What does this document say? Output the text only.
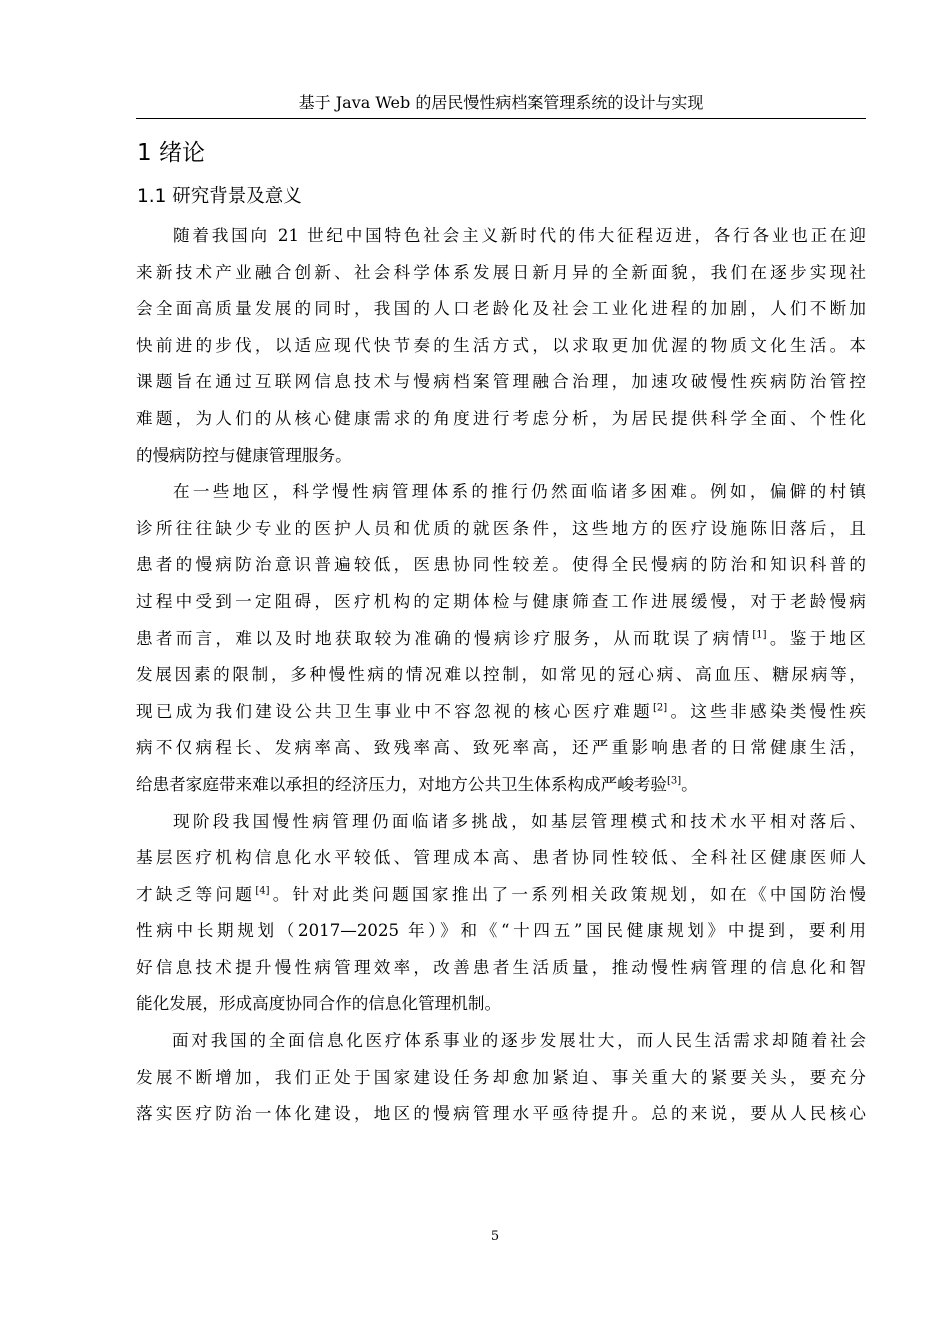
基于 Java Web 的居民慢性病档案管理系统的设计与实现
1 绪论
1.1 研究背景及意义
随着我国向 21 世纪中国特色社会主义新时代的伟大征程迈进，各行各业也正在迎
来新技术产业融合创新、社会科学体系发展日新月异的全新面貌，我们在逐步实现社
会全面高质量发展的同时，我国的人口老龄化及社会工业化进程的加剧，人们不断加
快前进的步伐，以适应现代快节奏的生活方式，以求取更加优渥的物质文化生活。本
课题旨在通过互联网信息技术与慢病档案管理融合治理，加速攻破慢性疾病防治管控
难题，为人们的从核心健康需求的角度进行考虑分析，为居民提供科学全面、个性化
的慢病防控与健康管理服务。
在一些地区，科学慢性病管理体系的推行仍然面临诸多困难。例如，偏僻的村镇
诊所往往缺少专业的医护人员和优质的就医条件，这些地方的医疗设施陈旧落后，且
患者的慢病防治意识普遍较低，医患协同性较差。使得全民慢病的防治和知识科普的
过程中受到一定阻碍，医疗机构的定期体检与健康筛查工作进展缓慢，对于老龄慢病
患者而言，难以及时地获取较为准确的慢病诊疗服务，从而耽误了病情[1]。鉴于地区
发展因素的限制，多种慢性病的情况难以控制，如常见的冠心病、高血压、糖尿病等，
现已成为我们建设公共卫生事业中不容忽视的核心医疗难题[2]。这些非感染类慢性疾
病不仅病程长、发病率高、致残率高、致死率高，还严重影响患者的日常健康生活，
给患者家庭带来难以承担的经济压力，对地方公共卫生体系构成严峻考验[3]。
现阶段我国慢性病管理仍面临诸多挑战，如基层管理模式和技术水平相对落后、
基层医疗机构信息化水平较低、管理成本高、患者协同性较低、全科社区健康医师人
才缺乏等问题[4]。针对此类问题国家推出了一系列相关政策规划，如在《中国防治慢
性病中长期规划（2017—2025 年）》和《“十四五”国民健康规划》中提到，要利用
好信息技术提升慢性病管理效率，改善患者生活质量，推动慢性病管理的信息化和智
能化发展，形成高度协同合作的信息化管理机制。
面对我国的全面信息化医疗体系事业的逐步发展壮大，而人民生活需求却随着社会
发展不断增加，我们正处于国家建设任务却愈加紧迫、事关重大的紧要关头，要充分
落实医疗防治一体化建设，地区的慢病管理水平亟待提升。总的来说，要从人民核心
5
